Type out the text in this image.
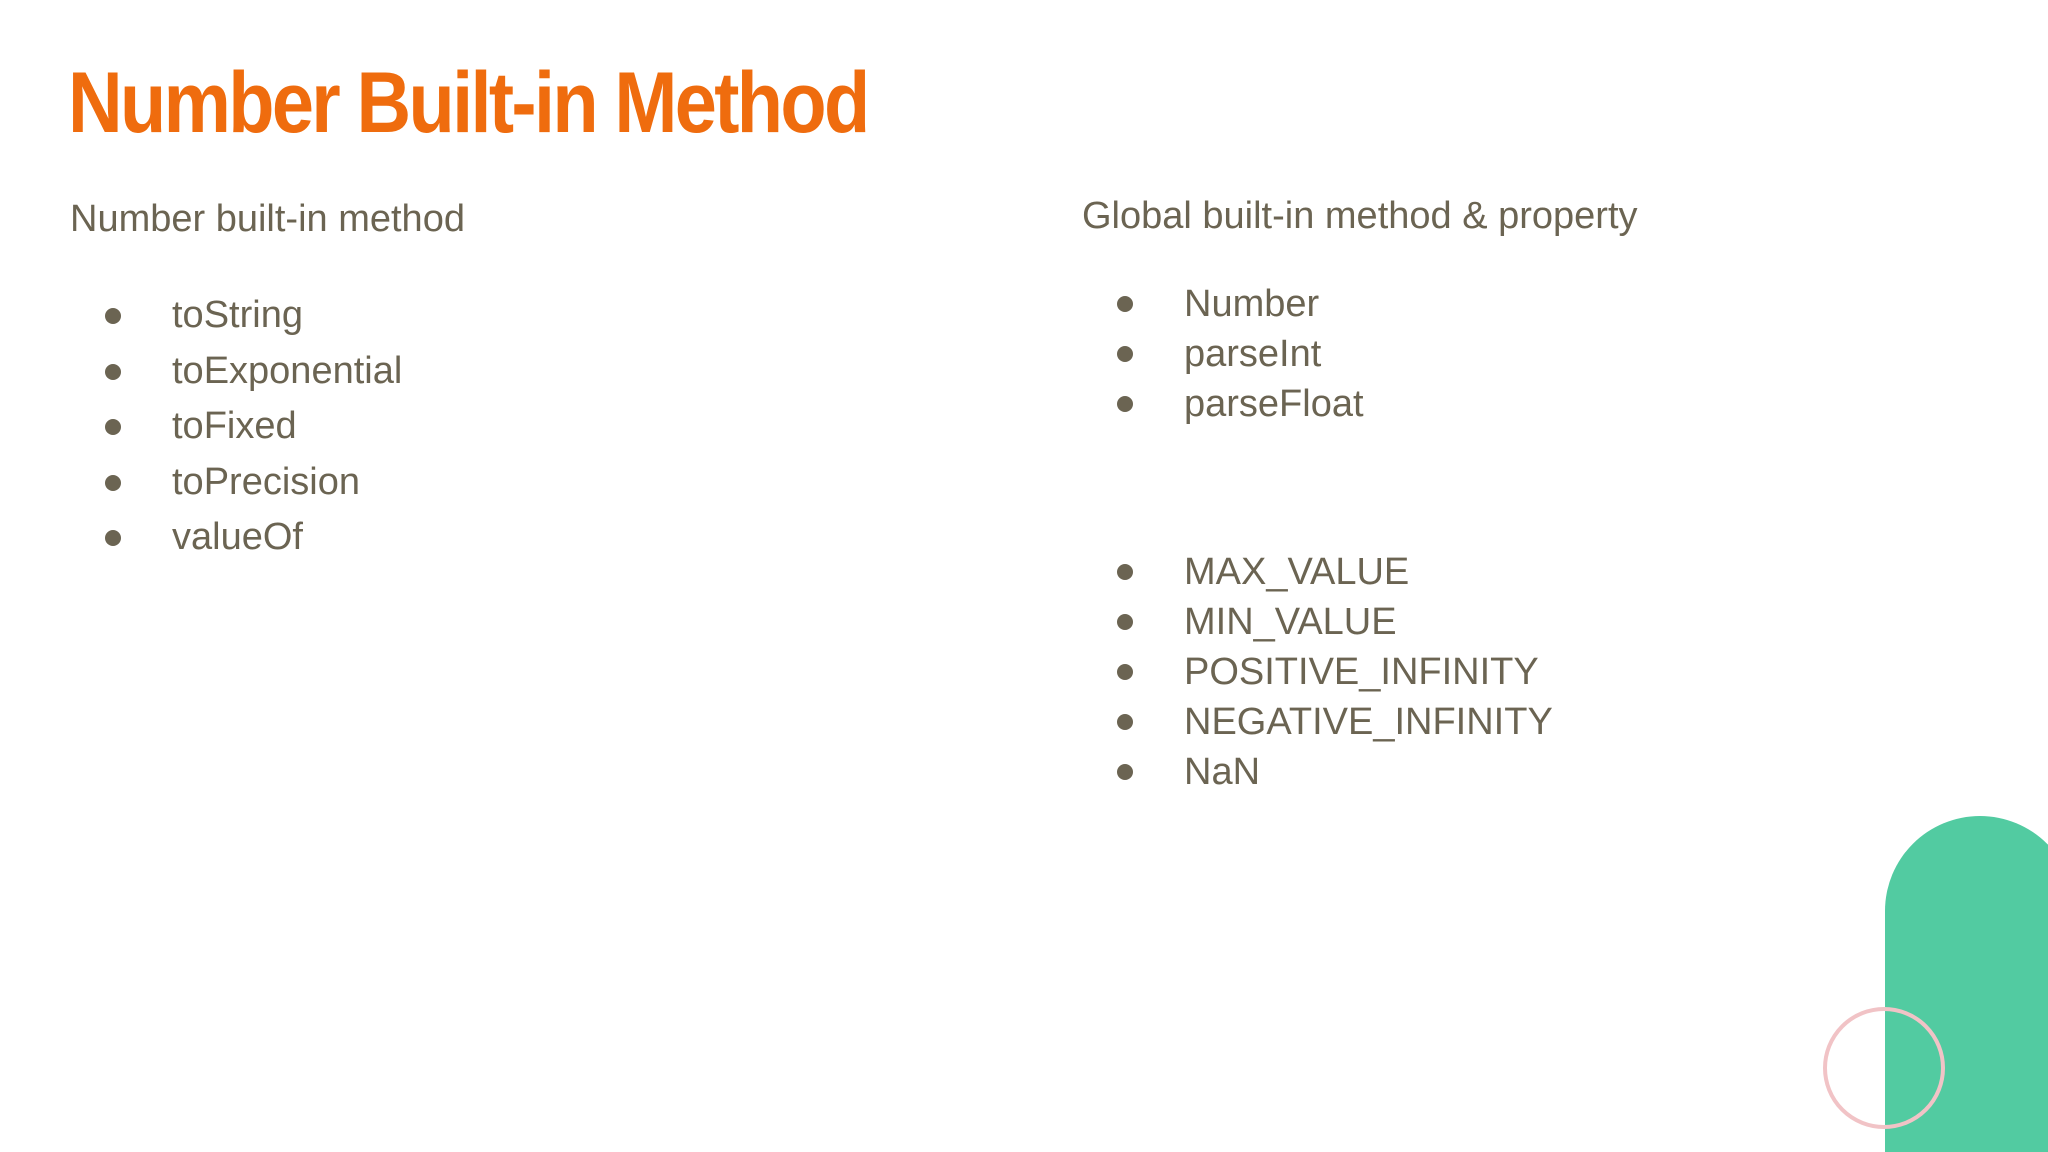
Number Built-in Method

Number built-in method

toString
toExponential
toFixed
toPrecision
valueOf

Global built-in method & property

Number
parseInt
parseFloat
MAX_VALUE
MIN_VALUE
POSITIVE_INFINITY
NEGATIVE_INFINITY
NaN
